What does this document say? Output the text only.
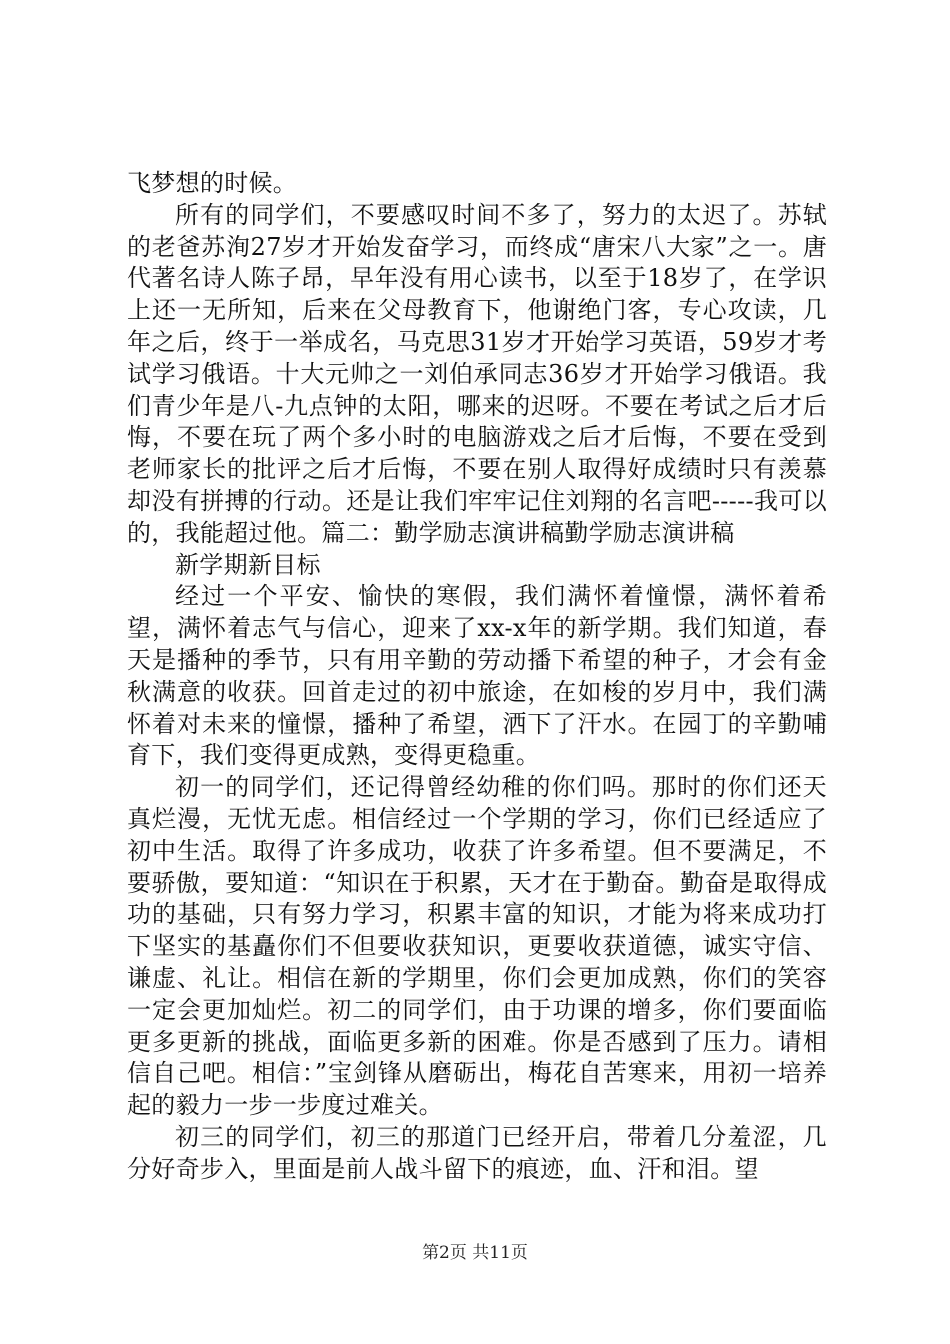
飞梦想的时候。

所有的同学们，不要感叹时间不多了，努力的太迟了。苏轼的老爸苏洵27岁才开始发奋学习，而终成“唐宋八大家”之一。唐代著名诗人陈子昂，早年没有用心读书，以至于18岁了，在学识上还一无所知，后来在父母教育下，他谢绝门客，专心攻读，几年之后，终于一举成名，马克思31岁才开始学习英语，59岁才考试学习俄语。十大元帅之一刘伯承同志36岁才开始学习俄语。我们青少年是八-九点钟的太阳，哪来的迟呀。不要在考试之后才后悔，不要在玩了两个多小时的电脑游戏之后才后悔，不要在受到老师家长的批评之后才后悔，不要在别人取得好成绩时只有羡慕却没有拼搏的行动。还是让我们牢牢记住刘翔的名言吧-----我可以的，我能超过他。篇二：勤学励志演讲稿勤学励志演讲稿

新学期新目标

经过一个平安、愉快的寒假，我们满怀着憧憬，满怀着希望，满怀着志气与信心，迎来了xx-x年的新学期。我们知道，春天是播种的季节，只有用辛勤的劳动播下希望的种子，才会有金秋满意的收获。回首走过的初中旅途，在如梭的岁月中，我们满怀着对未来的憧憬，播种了希望，洒下了汗水。在园丁的辛勤哺育下，我们变得更成熟，变得更稳重。

初一的同学们，还记得曾经幼稚的你们吗。那时的你们还天真烂漫，无忧无虑。相信经过一个学期的学习，你们已经适应了初中生活。取得了许多成功，收获了许多希望。但不要满足，不要骄傲，要知道：“知识在于积累，天才在于勤奋。勤奋是取得成功的基础，只有努力学习，积累丰富的知识，才能为将来成功打下坚实的基矗你们不但要收获知识，更要收获道德，诚实守信、谦虚、礼让。相信在新的学期里，你们会更加成熟，你们的笑容一定会更加灿烂。初二的同学们，由于功课的增多，你们要面临更多更新的挑战，面临更多新的困难。你是否感到了压力。请相信自己吧。相信：”宝剑锋从磨砺出，梅花自苦寒来，用初一培养起的毅力一步一步度过难关。

初三的同学们，初三的那道门已经开启，带着几分羞涩，几分好奇步入，里面是前人战斗留下的痕迹，血、汗和泪。望

第2页 共11页
